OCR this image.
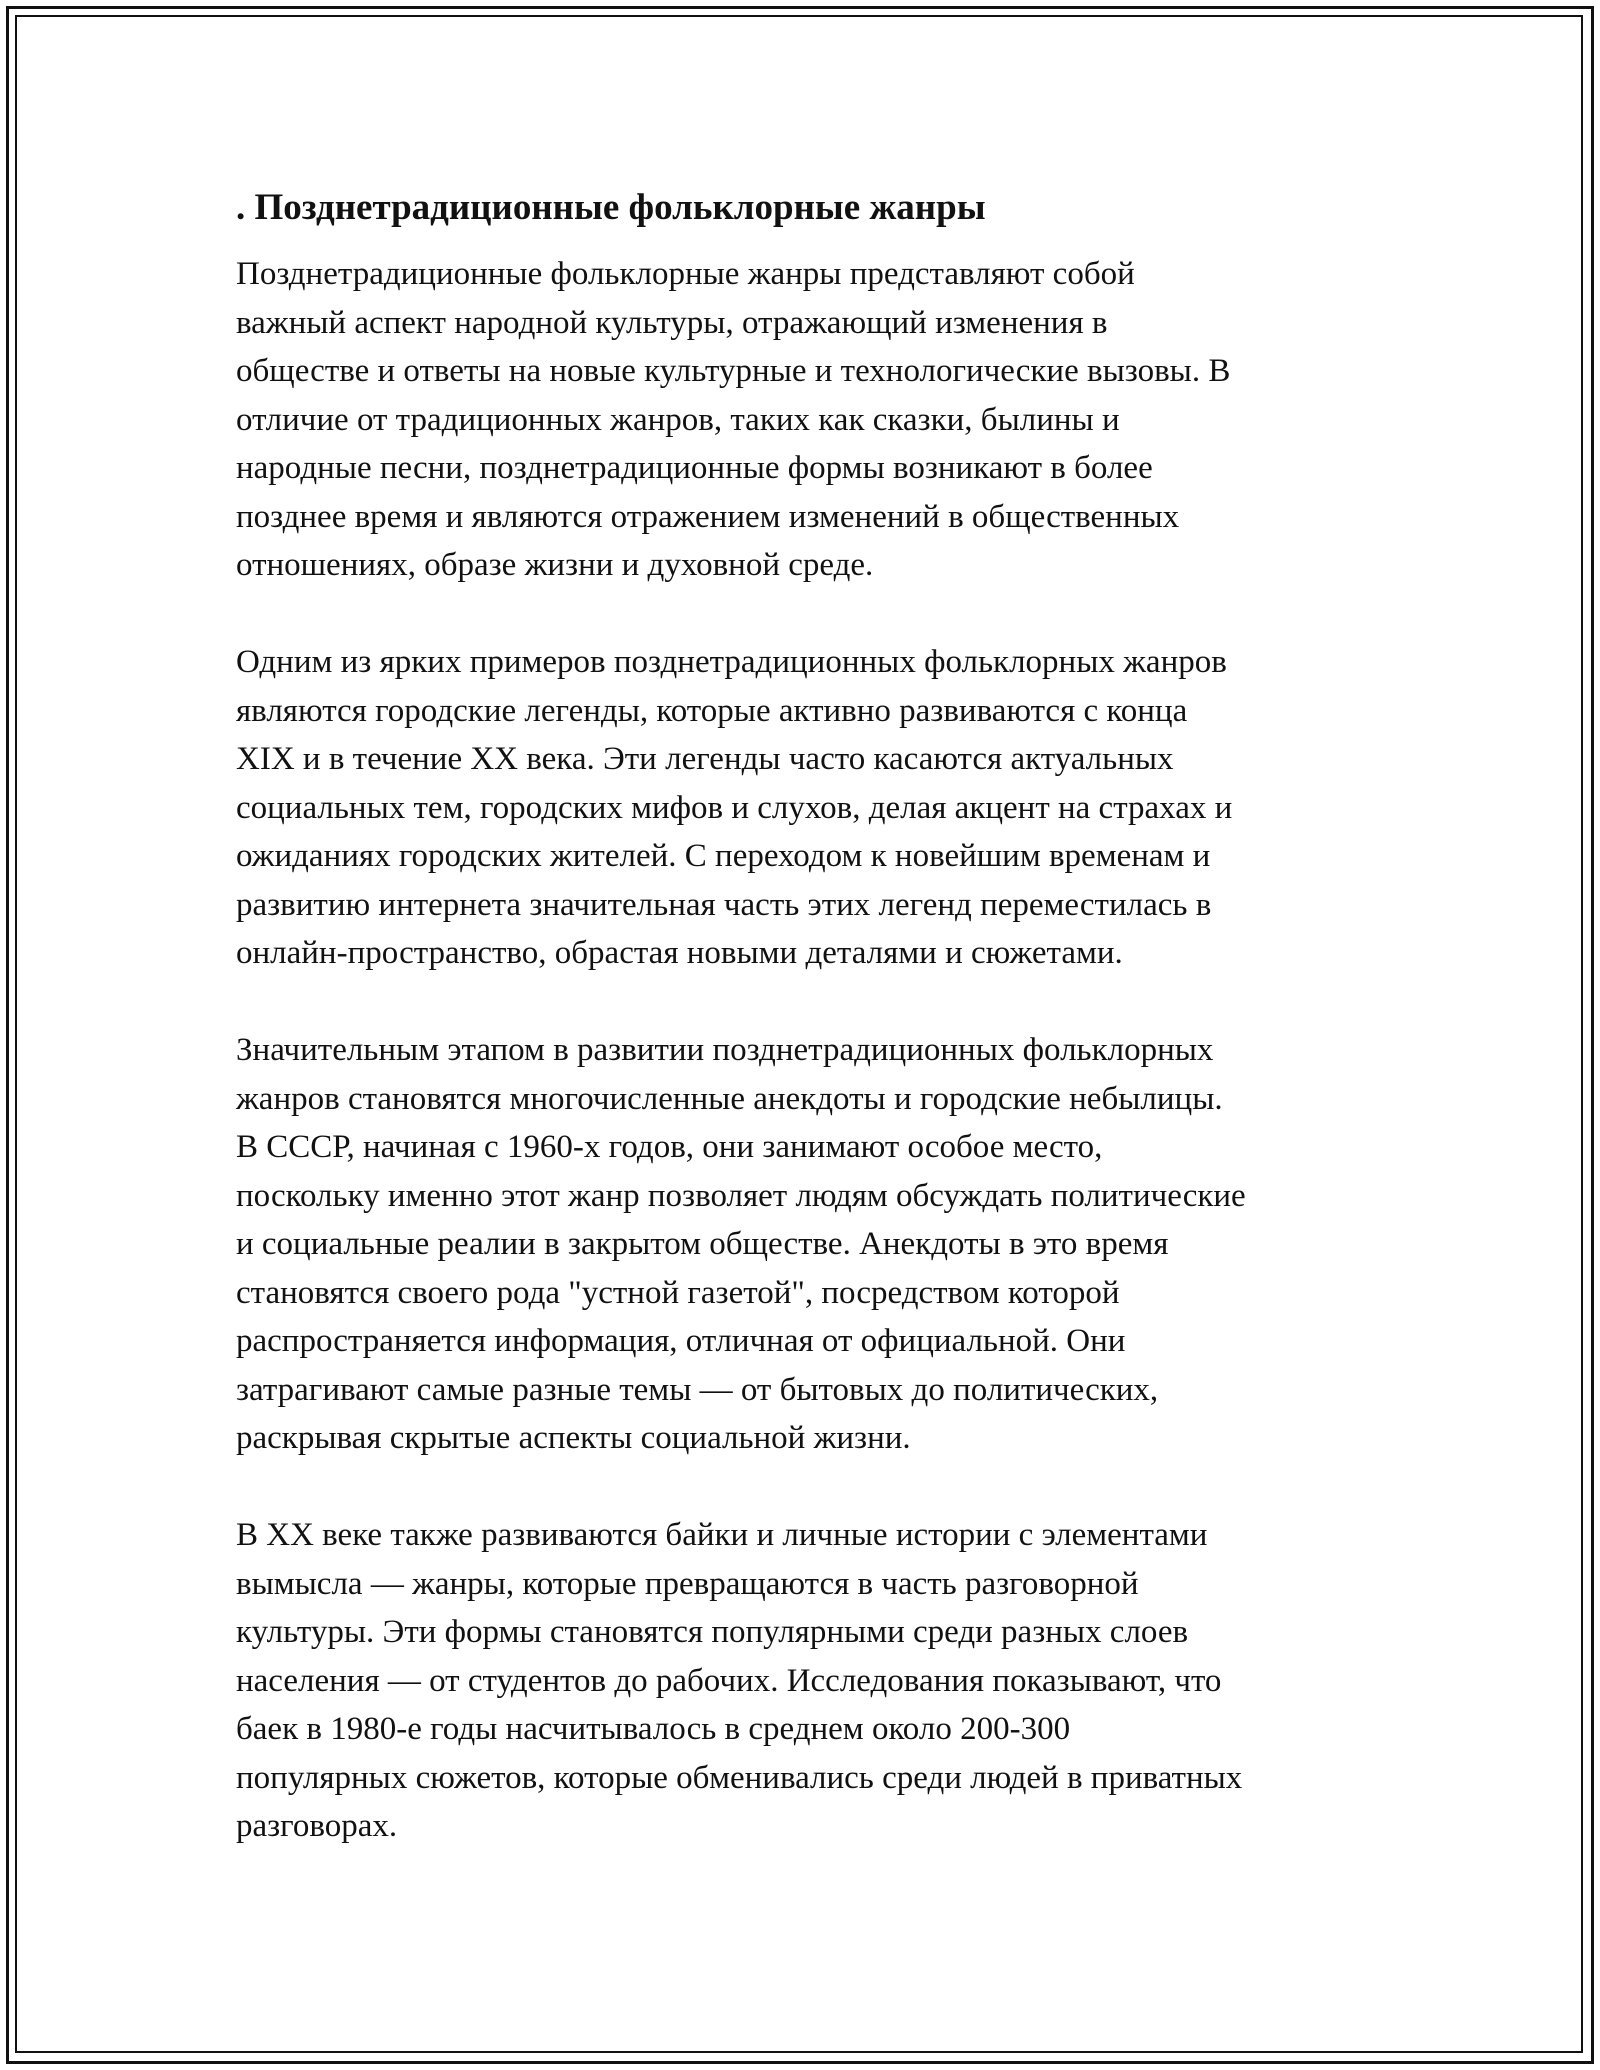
. Позднетрадиционные фольклорные жанры

Позднетрадиционные фольклорные жанры представляют собой
важный аспект народной культуры, отражающий изменения в
обществе и ответы на новые культурные и технологические вызовы. В
отличие от традиционных жанров, таких как сказки, былины и
народные песни, позднетрадиционные формы возникают в более
позднее время и являются отражением изменений в общественных
отношениях, образе жизни и духовной среде.

Одним из ярких примеров позднетрадиционных фольклорных жанров
являются городские легенды, которые активно развиваются с конца
XIX и в течение XX века. Эти легенды часто касаются актуальных
социальных тем, городских мифов и слухов, делая акцент на страхах и
ожиданиях городских жителей. С переходом к новейшим временам и
развитию интернета значительная часть этих легенд переместилась в
онлайн-пространство, обрастая новыми деталями и сюжетами.

Значительным этапом в развитии позднетрадиционных фольклорных
жанров становятся многочисленные анекдоты и городские небылицы.
В СССР, начиная с 1960-х годов, они занимают особое место,
поскольку именно этот жанр позволяет людям обсуждать политические
и социальные реалии в закрытом обществе. Анекдоты в это время
становятся своего рода "устной газетой", посредством которой
распространяется информация, отличная от официальной. Они
затрагивают самые разные темы — от бытовых до политических,
раскрывая скрытые аспекты социальной жизни.

В XX веке также развиваются байки и личные истории с элементами
вымысла — жанры, которые превращаются в часть разговорной
культуры. Эти формы становятся популярными среди разных слоев
населения — от студентов до рабочих. Исследования показывают, что
баек в 1980-е годы насчитывалось в среднем около 200-300
популярных сюжетов, которые обменивались среди людей в приватных
разговорах.
